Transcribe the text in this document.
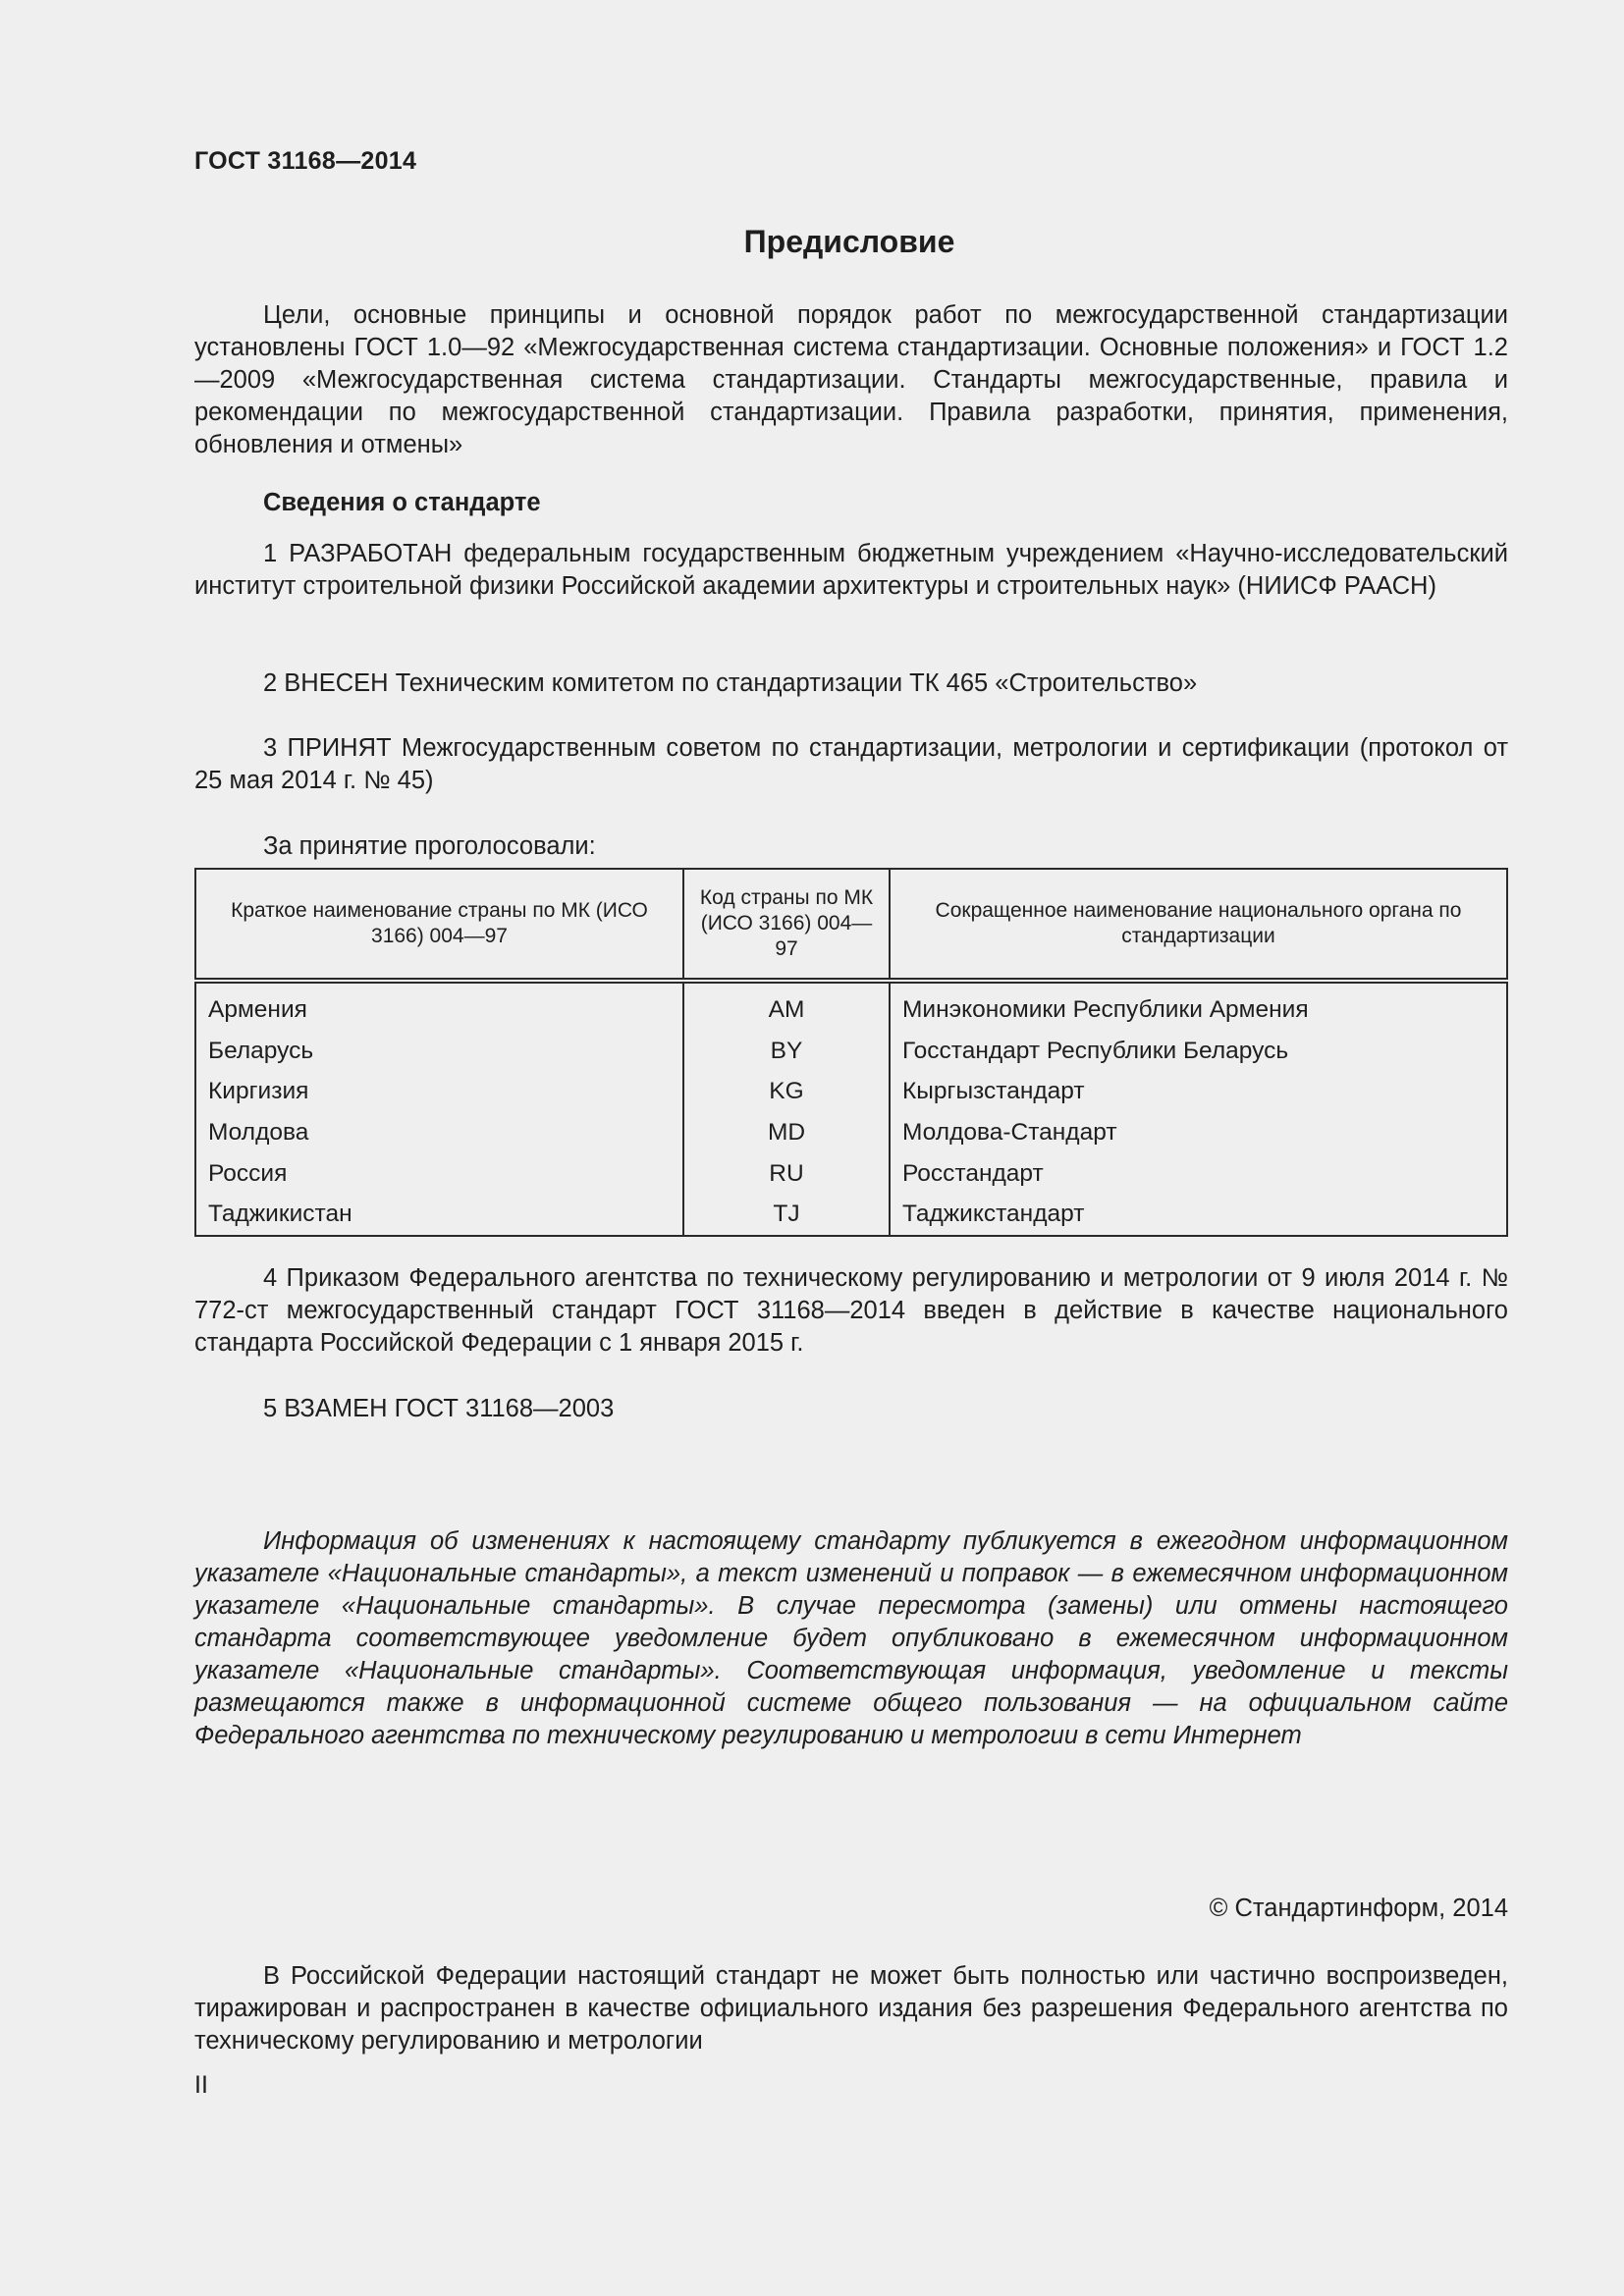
ГОСТ 31168—2014
Предисловие

Цели, основные принципы и основной порядок работ по межгосударственной стандартизации установлены ГОСТ 1.0—92 «Межгосударственная система стандартизации. Основные положения» и ГОСТ 1.2—2009 «Межгосударственная система стандартизации. Стандарты межгосударственные, правила и рекомендации по межгосударственной стандартизации. Правила разработки, принятия, применения, обновления и отмены»

Сведения о стандарте

1 РАЗРАБОТАН федеральным государственным бюджетным учреждением «Научно-исследовательский институт строительной физики Российской академии архитектуры и строительных наук» (НИИСФ РААСН)

2 ВНЕСЕН Техническим комитетом по стандартизации ТК 465 «Строительство»

3 ПРИНЯТ Межгосударственным советом по стандартизации, метрологии и сертификации (протокол от 25 мая 2014 г. № 45)

За принятие проголосовали:

Краткое наименование страны по МК (ИСО 3166) 004—97	Код страны по МК (ИСО 3166) 004—97	Сокращенное наименование национального органа по стандартизации
Армения	AM	Минэкономики Республики Армения
Беларусь	BY	Госстандарт Республики Беларусь
Киргизия	KG	Кыргызстандарт
Молдова	MD	Молдова-Стандарт
Россия	RU	Росстандарт
Таджикистан	TJ	Таджикстандарт

4 Приказом Федерального агентства по техническому регулированию и метрологии от 9 июля 2014 г. № 772-ст межгосударственный стандарт ГОСТ 31168—2014 введен в действие в качестве национального стандарта Российской Федерации с 1 января 2015 г.

5 ВЗАМЕН ГОСТ 31168—2003

Информация об изменениях к настоящему стандарту публикуется в ежегодном информационном указателе «Национальные стандарты», а текст изменений и поправок — в ежемесячном информационном указателе «Национальные стандарты». В случае пересмотра (замены) или отмены настоящего стандарта соответствующее уведомление будет опубликовано в ежемесячном информационном указателе «Национальные стандарты». Соответствующая информация, уведомление и тексты размещаются также в информационной системе общего пользования — на официальном сайте Федерального агентства по техническому регулированию и метрологии в сети Интернет

© Стандартинформ, 2014

В Российской Федерации настоящий стандарт не может быть полностью или частично воспроизведен, тиражирован и распространен в качестве официального издания без разрешения Федерального агентства по техническому регулированию и метрологии

II
